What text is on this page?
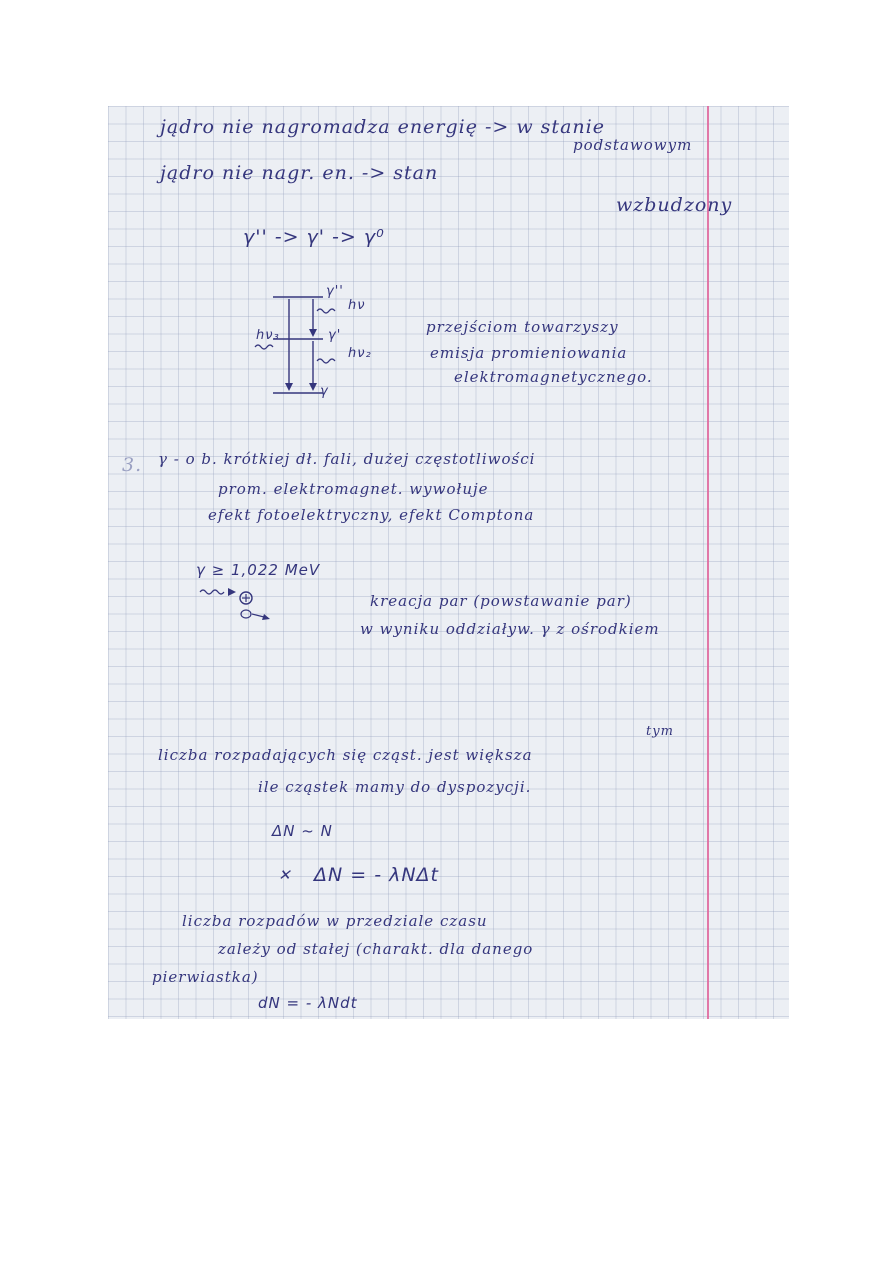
podstawowym

jądro nie nagromadza energię -> w stanie

jądro nie nagr. en. -> stan

wzbudzony

γ'' -> γ' -> γ⁰

γ''

hν

γ'

hν₂

γ

hν₃	przejściom towarzyszy

emisja promieniowania

elektromagnetycznego.

3. γ - o b. krótkiej dł. fali, dużej częstotliwości

prom. elektromagnet. wywołuje

efekt fotoelektryczny, efekt Comptona

γ ≥ 1,022 MeV

kreacja par (powstawanie par)

w wyniku oddziaływ. γ z ośrodkiem

tym

liczba rozpadających się cząst. jest większa

ile cząstek mamy do dyspozycji.

ΔN ~ N

✕ ΔN = - λNΔt

liczba rozpadów w przedziale czasu

zależy od stałej (charakt. dla danego

pierwiastka)

dN = - λNdt
